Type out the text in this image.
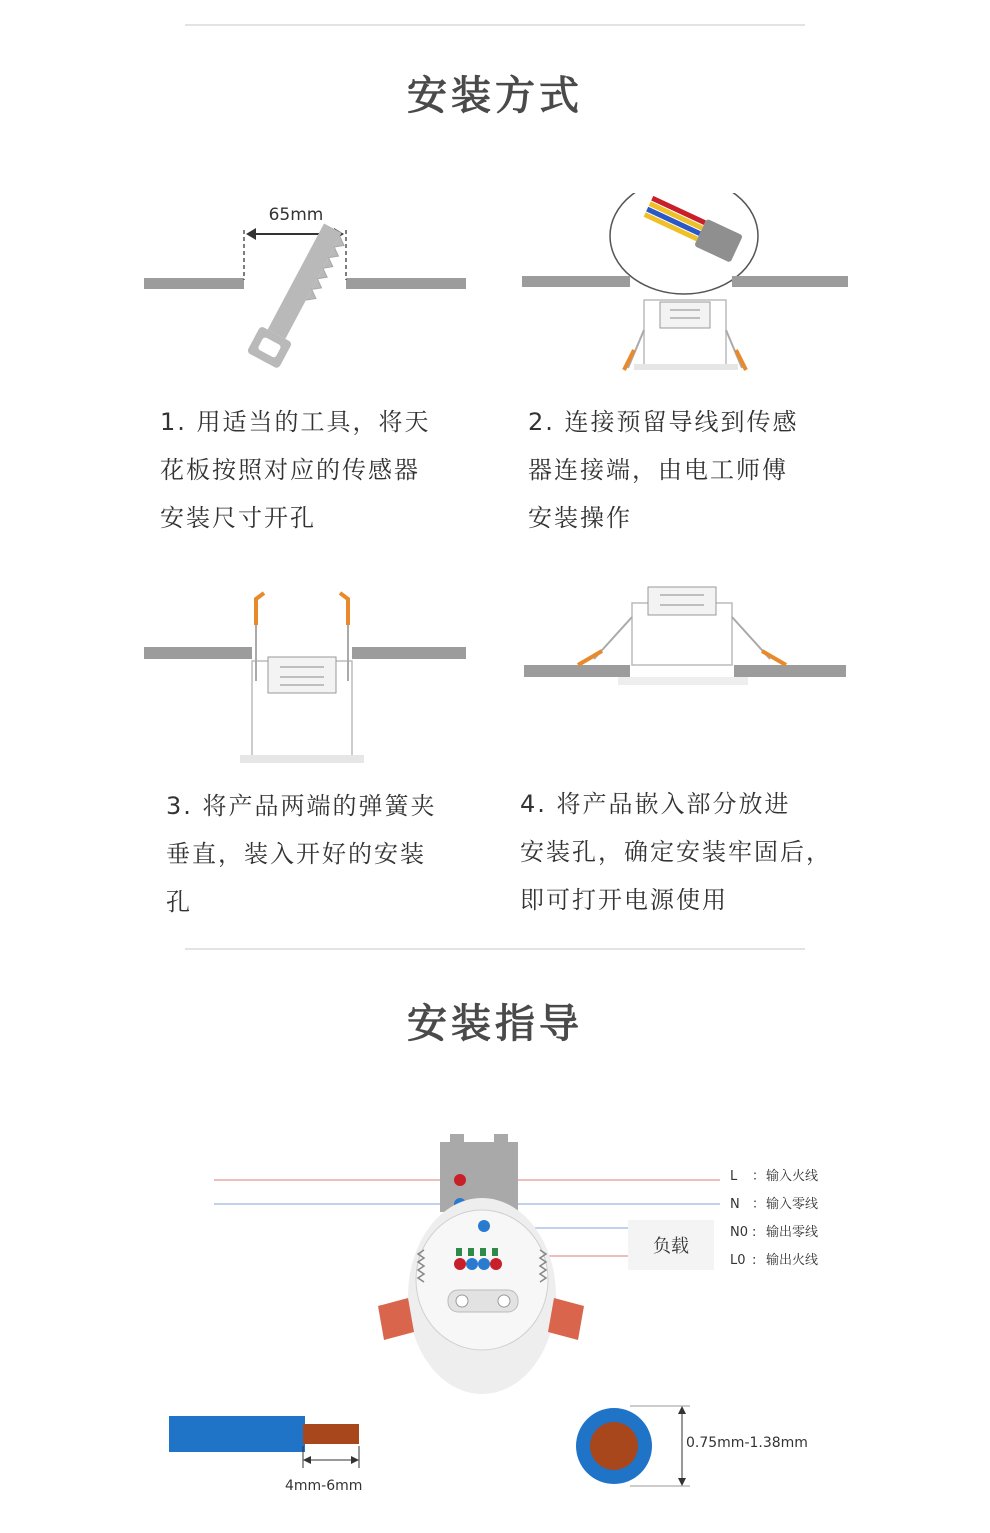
安装方式
65mm
1. 用适当的工具，将天
花板按照对应的传感器
安装尺寸开孔
2. 连接预留导线到传感
器连接端，由电工师傅
安装操作
3. 将产品两端的弹簧夹
垂直，装入开好的安装
孔
4. 将产品嵌入部分放进
安装孔，确定安装牢固后，
即可打开电源使用
安装指导
负载
L ：输入火线
N ：输入零线
N0 : 输出零线
L0 : 输出火线
4mm-6mm
0.75mm-1.38mm
